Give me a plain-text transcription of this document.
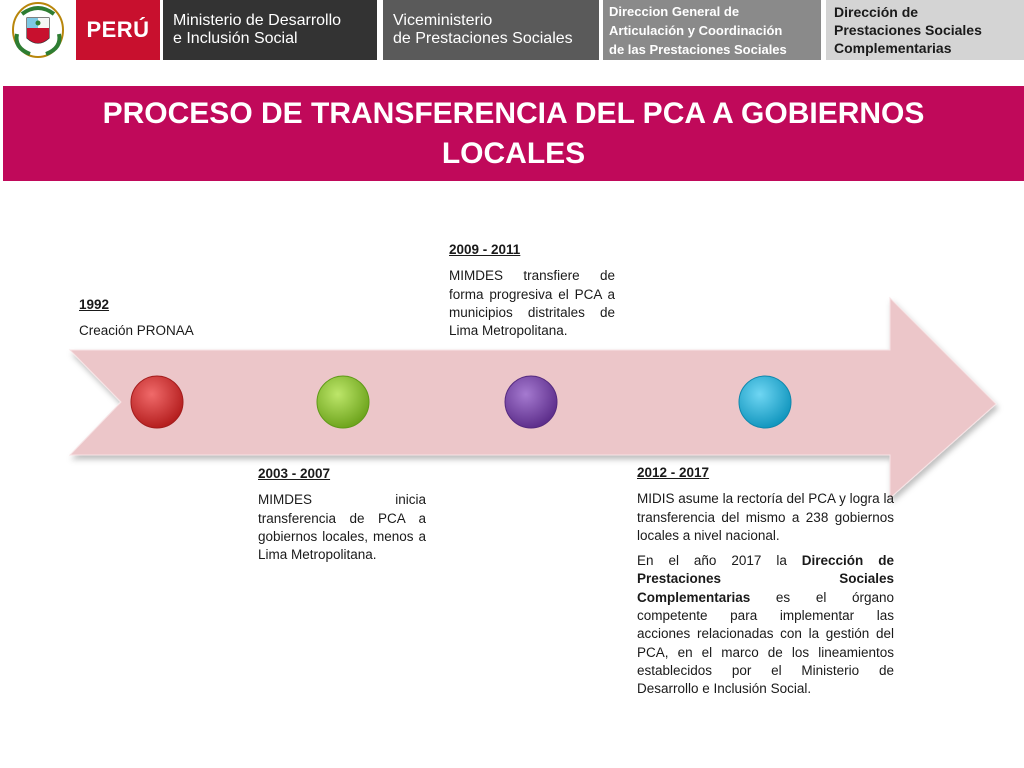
PERÚ	Ministerio de Desarrollo
e Inclusión Social
Viceministerio
de Prestaciones Sociales
Direccion General de
Articulación y Coordinación
de las Prestaciones Sociales
Dirección de
Prestaciones Sociales
Complementarias
PROCESO DE TRANSFERENCIA DEL PCA A GOBIERNOS LOCALES
1992

Creación PRONAA

2003 - 2007

MIMDES inicia transferencia de PCA a gobiernos locales, menos a Lima Metropolitana.

2009 - 2011

MIMDES transfiere de forma progresiva el PCA a municipios distritales de Lima Metropolitana.

2012 - 2017

MIDIS asume la rectoría del PCA y logra la transferencia del mismo a 238 gobiernos locales a nivel nacional.

En el año 2017 la Dirección de Prestaciones Sociales Complementarias es el órgano competente para implementar las acciones relacionadas con la gestión del PCA, en el marco de los lineamientos establecidos por el Ministerio de Desarrollo e Inclusión Social.
